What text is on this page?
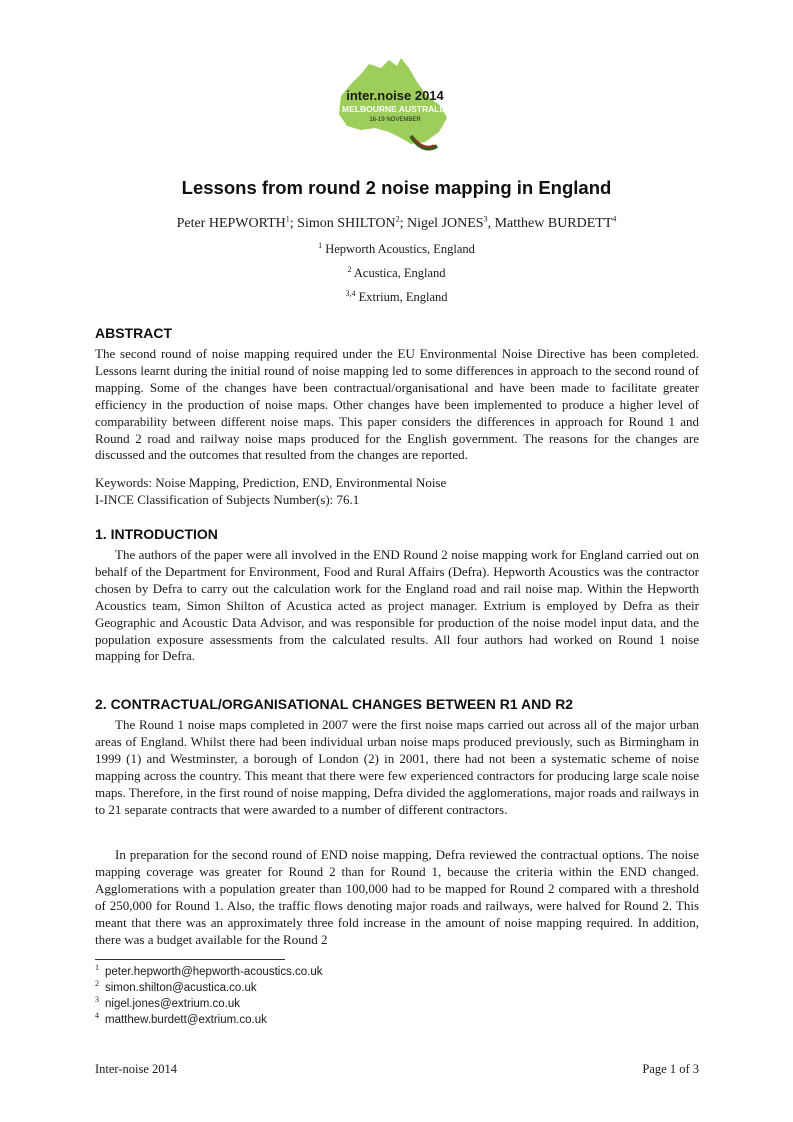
inter.noise 2014
MELBOURNE AUSTRALIA
16-19 NOVEMBER
Lessons from round 2 noise mapping in England
Peter HEPWORTH$^1$; Simon SHILTON$^2$; Nigel JONES$^3$, Matthew BURDETT$^4$
$^1$ Hepworth Acoustics, England
$^2$ Acustica, England
$^{3,4}$ Extrium, England
ABSTRACT

The second round of noise mapping required under the EU Environmental Noise Directive has been completed. Lessons learnt during the initial round of noise mapping led to some differences in approach to the second round of mapping. Some of the changes have been contractual/organisational and have been made to facilitate greater efficiency in the production of noise maps. Other changes have been implemented to produce a higher level of comparability between different noise maps. This paper considers the differences in approach for Round 1 and Round 2 road and railway noise maps produced for the English government. The reasons for the changes are discussed and the outcomes that resulted from the changes are reported.

Keywords: Noise Mapping, Prediction, END, Environmental Noise
I-INCE Classification of Subjects Number(s): 76.1
1. INTRODUCTION

The authors of the paper were all involved in the END Round 2 noise mapping work for England carried out on behalf of the Department for Environment, Food and Rural Affairs (Defra). Hepworth Acoustics was the contractor chosen by Defra to carry out the calculation work for the England road and rail noise map. Within the Hepworth Acoustics team, Simon Shilton of Acustica acted as project manager. Extrium is employed by Defra as their Geographic and Acoustic Data Advisor, and was responsible for production of the noise model input data, and the population exposure assessments from the calculated results. All four authors had worked on Round 1 noise mapping for Defra.

2. CONTRACTUAL/ORGANISATIONAL CHANGES BETWEEN R1 AND R2

The Round 1 noise maps completed in 2007 were the first noise maps carried out across all of the major urban areas of England. Whilst there had been individual urban noise maps produced previously, such as Birmingham in 1999 (1) and Westminster, a borough of London (2) in 2001, there had not been a systematic scheme of noise mapping across the country. This meant that there were few experienced contractors for producing large scale noise maps. Therefore, in the first round of noise mapping, Defra divided the agglomerations, major roads and railways in to 21 separate contracts that were awarded to a number of different contractors.

In preparation for the second round of END noise mapping, Defra reviewed the contractual options. The noise mapping coverage was greater for Round 2 than for Round 1, because the criteria within the END changed. Agglomerations with a population greater than 100,000 had to be mapped for Round 2 compared with a threshold of 250,000 for Round 1. Also, the traffic flows denoting major roads and railways, were halved for Round 2. This meant that there was an approximately three fold increase in the amount of noise mapping required. In addition, there was a budget available for the Round 2

$^1$ peter.hepworth@hepworth-acoustics.co.uk
$^2$ simon.shilton@acustica.co.uk
$^3$ nigel.jones@extrium.co.uk
$^4$ matthew.burdett@extrium.co.uk
Inter-noise 2014	Page 1 of 3
